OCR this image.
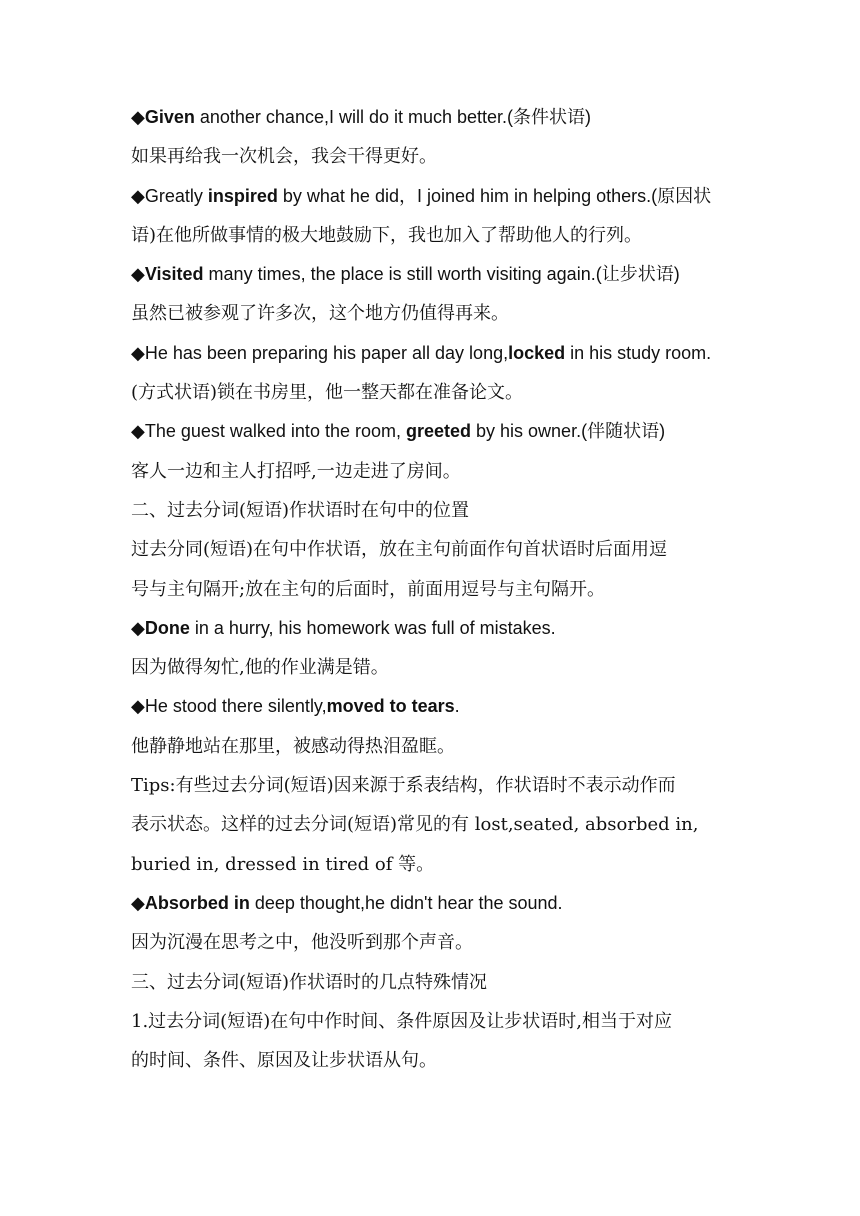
◆Given another chance,I will do it much better.(条件状语)

如果再给我一次机会，我会干得更好。

◆Greatly inspired by what he did，I joined him in helping others.(原因状

语)在他所做事情的极大地鼓励下，我也加入了帮助他人的行列。

◆Visited many times, the place is still worth visiting again.(让步状语)

虽然已被参观了许多次，这个地方仍值得再来。

◆He has been preparing his paper all day long,locked in his study room.

(方式状语)锁在书房里，他一整天都在准备论文。

◆The guest walked into the room, greeted by his owner.(伴随状语)

客人一边和主人打招呼,一边走进了房间。

二、过去分词(短语)作状语时在句中的位置

过去分同(短语)在句中作状语，放在主句前面作句首状语时后面用逗

号与主句隔开;放在主句的后面时，前面用逗号与主句隔开。

◆Done in a hurry, his homework was full of mistakes.

因为做得匆忙,他的作业满是错。

◆He stood there silently,moved to tears.

他静静地站在那里，被感动得热泪盈眶。

Tips:有些过去分词(短语)因来源于系表结构，作状语时不表示动作而

表示状态。这样的过去分词(短语)常见的有 lost,seated, absorbed in,

buried in, dressed in tired of 等。

◆Absorbed in deep thought,he didn't hear the sound.

因为沉漫在思考之中，他没听到那个声音。

三、过去分词(短语)作状语时的几点特殊情况

1.过去分词(短语)在句中作时间、条件原因及让步状语时,相当于对应

的时间、条件、原因及让步状语从句。
